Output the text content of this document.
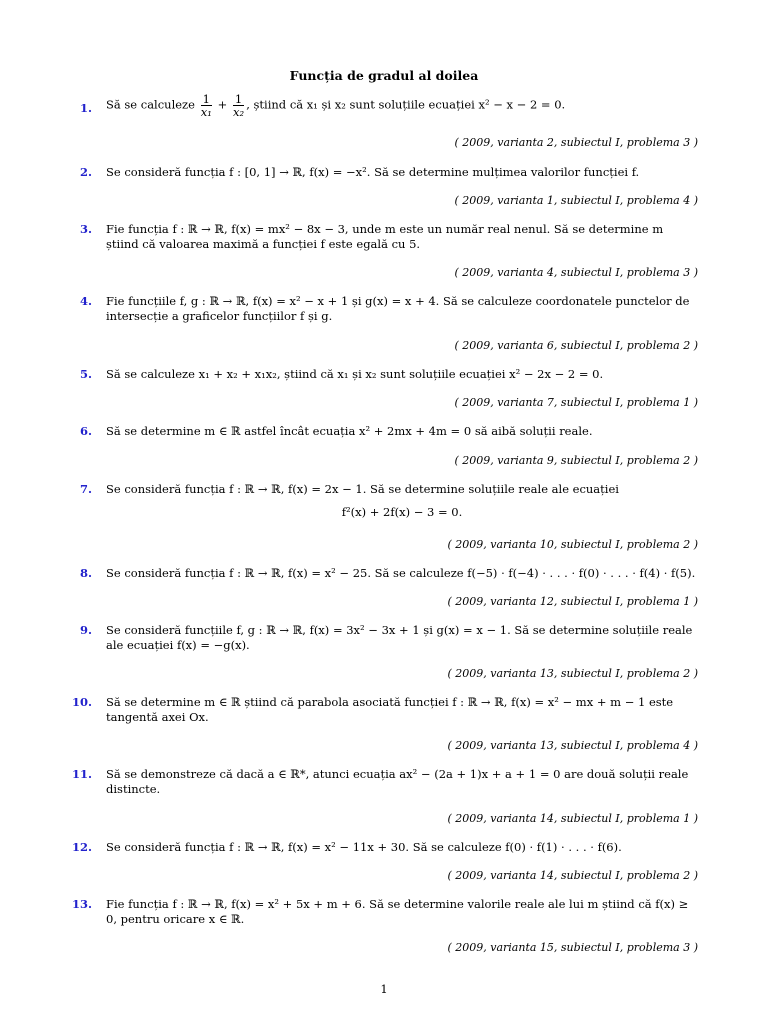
Funcția de gradul al doilea
1. Să se calculeze $\frac{1}{\text{x₁}} + \frac{1}{\text{x₂}}$ , știind că x₁ și x₂ sunt soluțiile ecuației x² − x − 2 = 0.
( 2009, varianta 2, subiectul I, problema 3 )
2. Se consideră funcția f : [0, 1] → ℝ, f(x) = −x². Să se determine mulțimea valorilor funcției f.
( 2009, varianta 1, subiectul I, problema 4 )
3. Fie funcția f : ℝ → ℝ, f(x) = mx² − 8x − 3, unde m este un număr real nenul. Să se determine m știind că valoarea maximă a funcției f este egală cu 5.
( 2009, varianta 4, subiectul I, problema 3 )
4. Fie funcțiile f, g : ℝ → ℝ, f(x) = x² − x + 1 și g(x) = x + 4. Să se calculeze coordonatele punctelor de intersecție a graficelor funcțiilor f și g.
( 2009, varianta 6, subiectul I, problema 2 )
5. Să se calculeze x₁ + x₂ + x₁x₂, știind că x₁ și x₂ sunt soluțiile ecuației x² − 2x − 2 = 0.
( 2009, varianta 7, subiectul I, problema 1 )
6. Să se determine m ∈ ℝ astfel încât ecuația x² + 2mx + 4m = 0 să aibă soluții reale.
( 2009, varianta 9, subiectul I, problema 2 )
7. Se consideră funcția f : ℝ → ℝ, f(x) = 2x − 1. Să se determine soluțiile reale ale ecuației
f²(x) + 2f(x) − 3 = 0.
( 2009, varianta 10, subiectul I, problema 2 )
8. Se consideră funcția f : ℝ → ℝ, f(x) = x² − 25. Să se calculeze f(−5) · f(−4) · . . . · f(0) · . . . · f(4) · f(5).
( 2009, varianta 12, subiectul I, problema 1 )
9. Se consideră funcțiile f, g : ℝ → ℝ, f(x) = 3x² − 3x + 1 și g(x) = x − 1. Să se determine soluțiile reale ale ecuației f(x) = −g(x).
( 2009, varianta 13, subiectul I, problema 2 )
10. Să se determine m ∈ ℝ știind că parabola asociată funcției f : ℝ → ℝ, f(x) = x² − mx + m − 1 este tangentă axei Ox.
( 2009, varianta 13, subiectul I, problema 4 )
11. Să se demonstreze că dacă a ∈ ℝ*, atunci ecuația ax² − (2a + 1)x + a + 1 = 0 are două soluții reale distincte.
( 2009, varianta 14, subiectul I, problema 1 )
12. Se consideră funcția f : ℝ → ℝ, f(x) = x² − 11x + 30. Să se calculeze f(0) · f(1) · . . . · f(6).
( 2009, varianta 14, subiectul I, problema 2 )
13. Fie funcția f : ℝ → ℝ, f(x) = x² + 5x + m + 6. Să se determine valorile reale ale lui m știind că f(x) ≥ 0, pentru oricare x ∈ ℝ.
( 2009, varianta 15, subiectul I, problema 3 )
1
